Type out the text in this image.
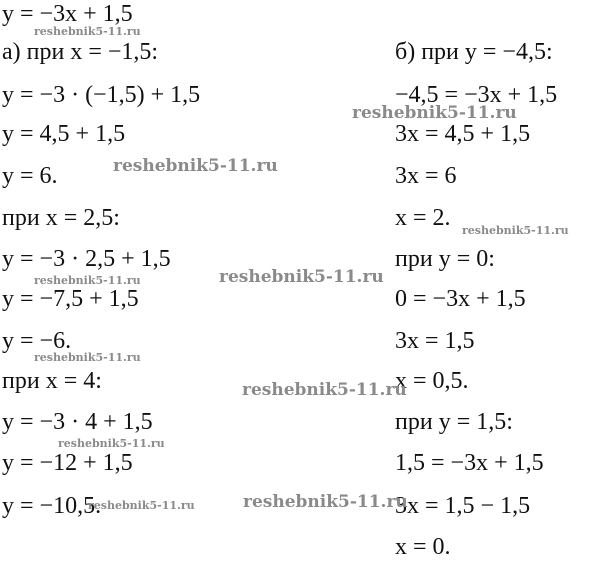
y = −3x + 1,5
а) при x = −1,5:
y = −3 · (−1,5) + 1,5
y = 4,5 + 1,5
y = 6.
при x = 2,5:
y = −3 · 2,5 + 1,5
y = −7,5 + 1,5
y = −6.
при x = 4:
y = −3 · 4 + 1,5
y = −12 + 1,5
y = −10,5.
б) при y = −4,5:
−4,5 = −3x + 1,5
3x = 4,5 + 1,5
3x = 6
x = 2.
при y = 0:
0 = −3x + 1,5
3x = 1,5
x = 0,5.
при y = 1,5:
1,5 = −3x + 1,5
3x = 1,5 − 1,5
x = 0.
reshebnik5-11.ru
reshebnik5-11.ru
reshebnik5-11.ru
reshebnik5-11.ru
reshebnik5-11.ru
reshebnik5-11.ru
reshebnik5-11.ru
reshebnik5-11.ru
reshebnik5-11.ru
reshebnik5-11.ru
reshebnik5-11.ru
